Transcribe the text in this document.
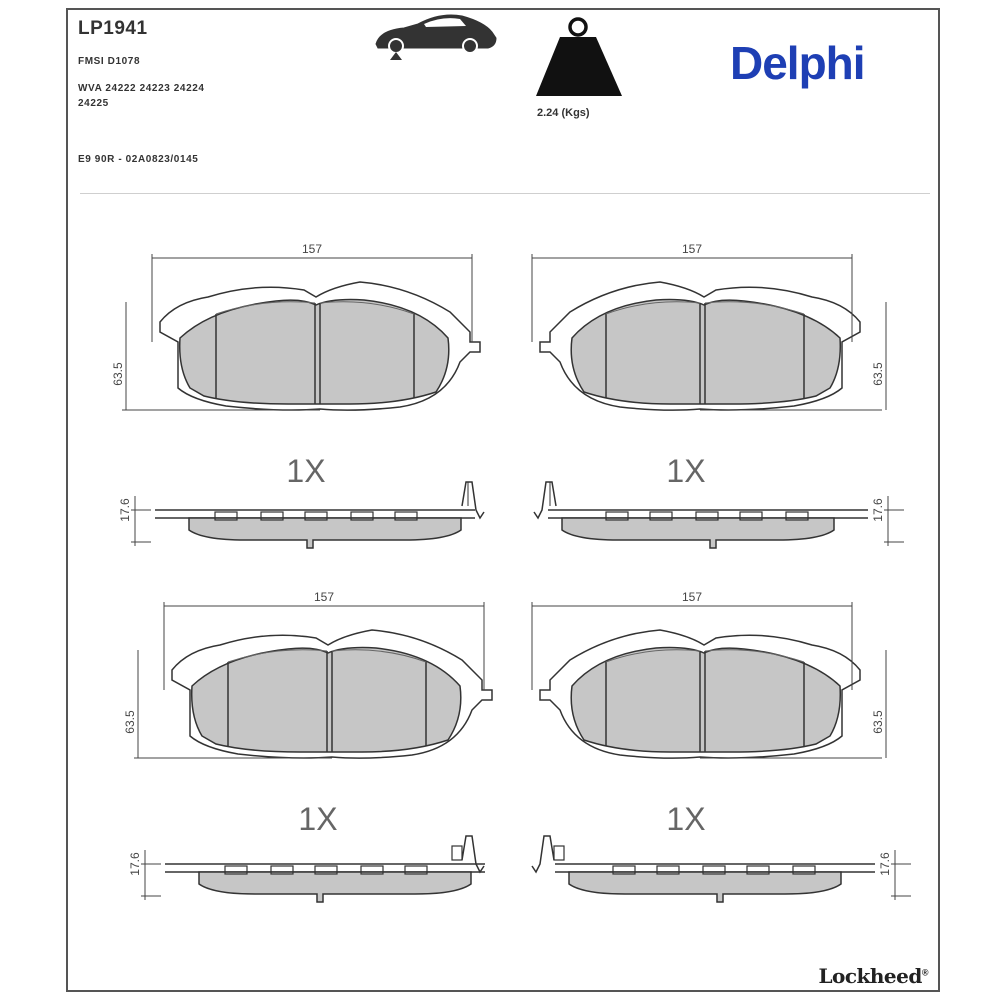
LP1941
FMSI D1078
WVA 24222 24223 24224
24225
E9 90R - 02A0823/0145
2.24 (Kgs)
Delphi
Lockheed®
157
63.5
1X
17.6
157
63.5
1X
17.6
157
63.5
1X
17.6
157
63.5
1X
17.6
